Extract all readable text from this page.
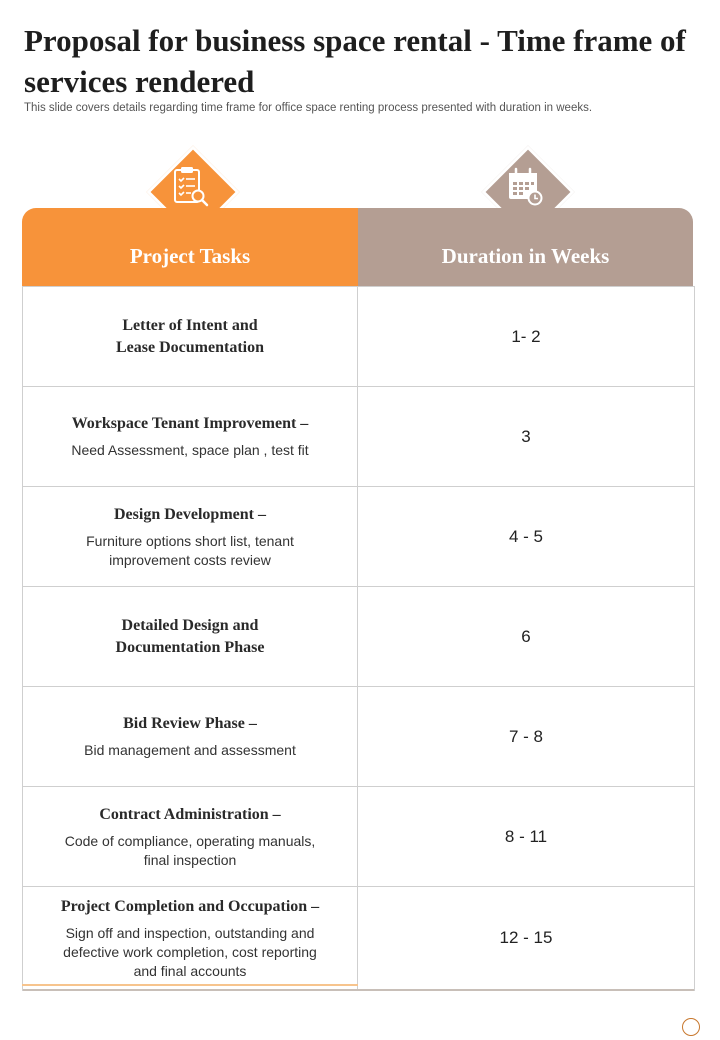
Proposal for business space rental - Time frame of services rendered

This slide covers details regarding time frame for office space renting process presented with duration in weeks.

Project Tasks	Duration in Weeks
Letter of Intent and
Lease Documentation
1- 2
Workspace Tenant Improvement –
Need Assessment, space plan , test fit
3
Design Development –
Furniture options short list, tenant
improvement costs review
4 - 5
Detailed Design and
Documentation Phase
6
Bid Review Phase –
Bid management and assessment
7 - 8
Contract Administration –
Code of compliance, operating manuals,
final inspection
8 - 11
Project Completion and Occupation –
Sign off and inspection, outstanding and
defective work completion, cost reporting
and final accounts
12 - 15
